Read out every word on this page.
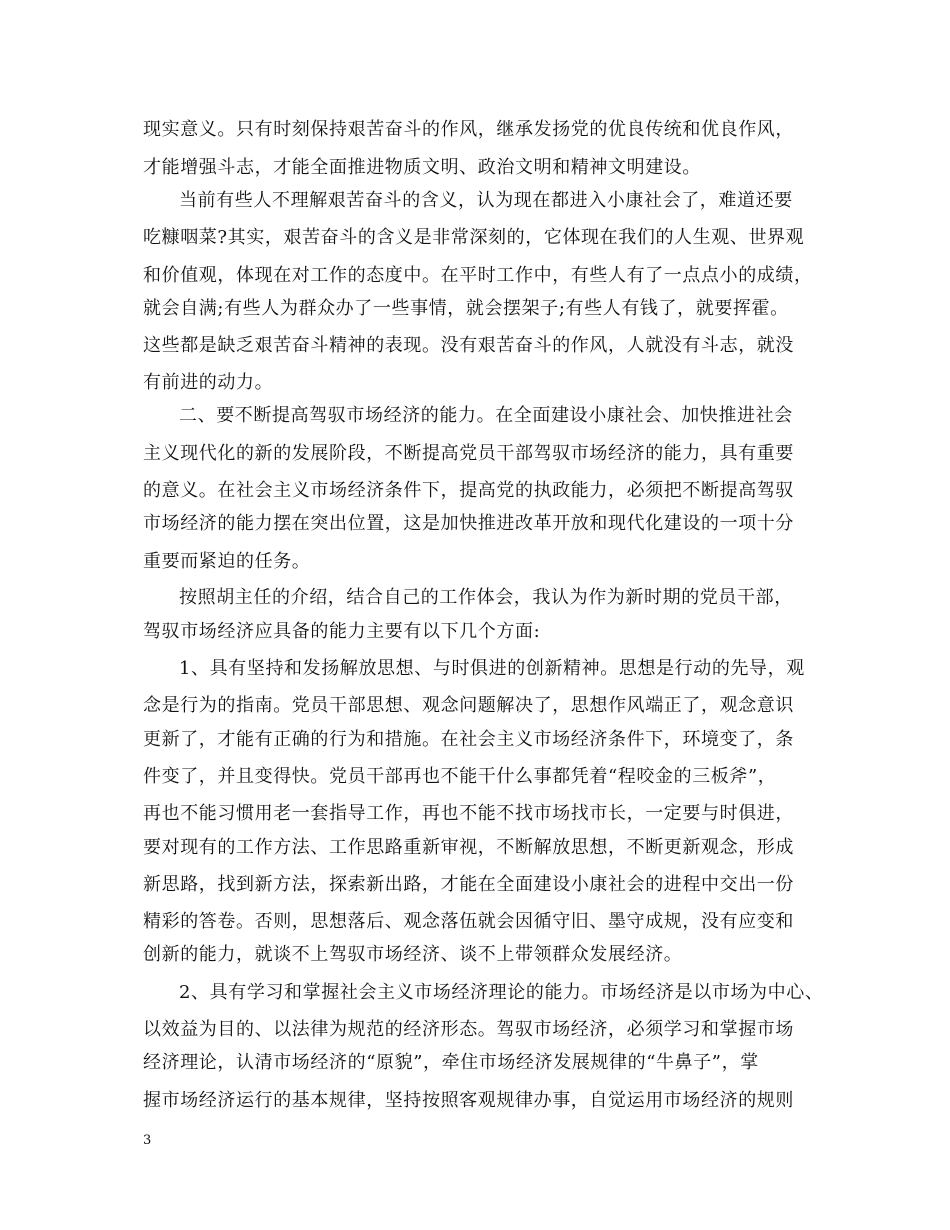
现实意义。只有时刻保持艰苦奋斗的作风，继承发扬党的优良传统和优良作风，
才能增强斗志，才能全面推进物质文明、政治文明和精神文明建设。
当前有些人不理解艰苦奋斗的含义，认为现在都进入小康社会了，难道还要
吃糠咽菜?其实，艰苦奋斗的含义是非常深刻的，它体现在我们的人生观、世界观
和价值观，体现在对工作的态度中。在平时工作中，有些人有了一点点小的成绩，
就会自满;有些人为群众办了一些事情，就会摆架子;有些人有钱了，就要挥霍。
这些都是缺乏艰苦奋斗精神的表现。没有艰苦奋斗的作风，人就没有斗志，就没
有前进的动力。
二、要不断提高驾驭市场经济的能力。在全面建设小康社会、加快推进社会
主义现代化的新的发展阶段，不断提高党员干部驾驭市场经济的能力，具有重要
的意义。在社会主义市场经济条件下，提高党的执政能力，必须把不断提高驾驭
市场经济的能力摆在突出位置，这是加快推进改革开放和现代化建设的一项十分
重要而紧迫的任务。
按照胡主任的介绍，结合自己的工作体会，我认为作为新时期的党员干部，
驾驭市场经济应具备的能力主要有以下几个方面:
1、具有坚持和发扬解放思想、与时俱进的创新精神。思想是行动的先导，观
念是行为的指南。党员干部思想、观念问题解决了，思想作风端正了，观念意识
更新了，才能有正确的行为和措施。在社会主义市场经济条件下，环境变了，条
件变了，并且变得快。党员干部再也不能干什么事都凭着“程咬金的三板斧”，
再也不能习惯用老一套指导工作，再也不能不找市场找市长，一定要与时俱进，
要对现有的工作方法、工作思路重新审视，不断解放思想，不断更新观念，形成
新思路，找到新方法，探索新出路，才能在全面建设小康社会的进程中交出一份
精彩的答卷。否则，思想落后、观念落伍就会因循守旧、墨守成规，没有应变和
创新的能力，就谈不上驾驭市场经济、谈不上带领群众发展经济。
2、具有学习和掌握社会主义市场经济理论的能力。市场经济是以市场为中心、
以效益为目的、以法律为规范的经济形态。驾驭市场经济，必须学习和掌握市场
经济理论，认清市场经济的“原貌”，牵住市场经济发展规律的“牛鼻子”，掌
握市场经济运行的基本规律，坚持按照客观规律办事，自觉运用市场经济的规则
3
